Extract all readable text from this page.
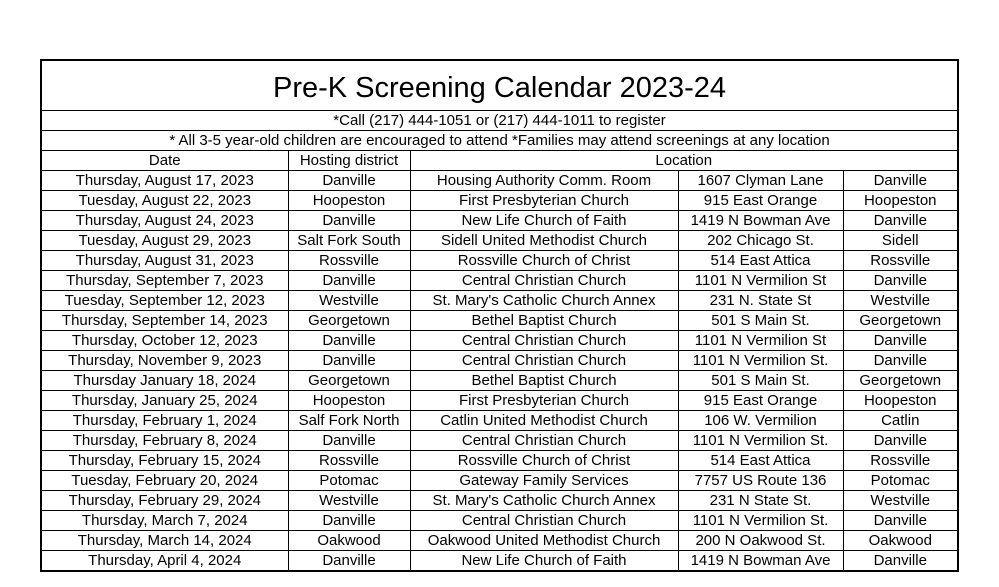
Pre-K Screening Calendar 2023-24				
*Call (217) 444-1051 or (217) 444-1011 to register				
* All 3-5 year-old children are encouraged to attend *Families may attend screenings at any location				
Date	Hosting district	Location		
Thursday, August 17, 2023	Danville	Housing Authority Comm. Room	1607 Clyman Lane	Danville
Tuesday, August 22, 2023	Hoopeston	First Presbyterian Church	915 East Orange	Hoopeston
Thursday, August 24, 2023	Danville	New Life Church of Faith	1419 N Bowman Ave	Danville
Tuesday, August 29, 2023	Salt Fork South	Sidell United Methodist Church	202 Chicago St.	Sidell
Thursday, August 31, 2023	Rossville	Rossville Church of Christ	514 East Attica	Rossville
Thursday, September 7, 2023	Danville	Central Christian Church	1101 N Vermilion St	Danville
Tuesday, September 12, 2023	Westville	St. Mary's Catholic Church Annex	231 N. State St	Westville
Thursday, September 14, 2023	Georgetown	Bethel Baptist Church	501 S Main St.	Georgetown
Thursday, October 12, 2023	Danville	Central Christian Church	1101 N Vermilion St	Danville
Thursday, November 9, 2023	Danville	Central Christian Church	1101 N Vermilion St.	Danville
Thursday January 18, 2024	Georgetown	Bethel Baptist Church	501 S Main St.	Georgetown
Thursday, January 25, 2024	Hoopeston	First Presbyterian Church	915 East Orange	Hoopeston
Thursday, February 1, 2024	Salf Fork North	Catlin United Methodist Church	106 W. Vermilion	Catlin
Thursday, February 8, 2024	Danville	Central Christian Church	1101 N Vermilion St.	Danville
Thursday, February 15, 2024	Rossville	Rossville Church of Christ	514 East Attica	Rossville
Tuesday, February 20, 2024	Potomac	Gateway Family Services	7757 US Route 136	Potomac
Thursday, February 29, 2024	Westville	St. Mary's Catholic Church Annex	231 N State St.	Westville
Thursday, March 7, 2024	Danville	Central Christian Church	1101 N Vermilion St.	Danville
Thursday, March 14, 2024	Oakwood	Oakwood United Methodist Church	200 N Oakwood St.	Oakwood
Thursday, April 4, 2024	Danville	New Life Church of Faith	1419 N Bowman Ave	Danville
